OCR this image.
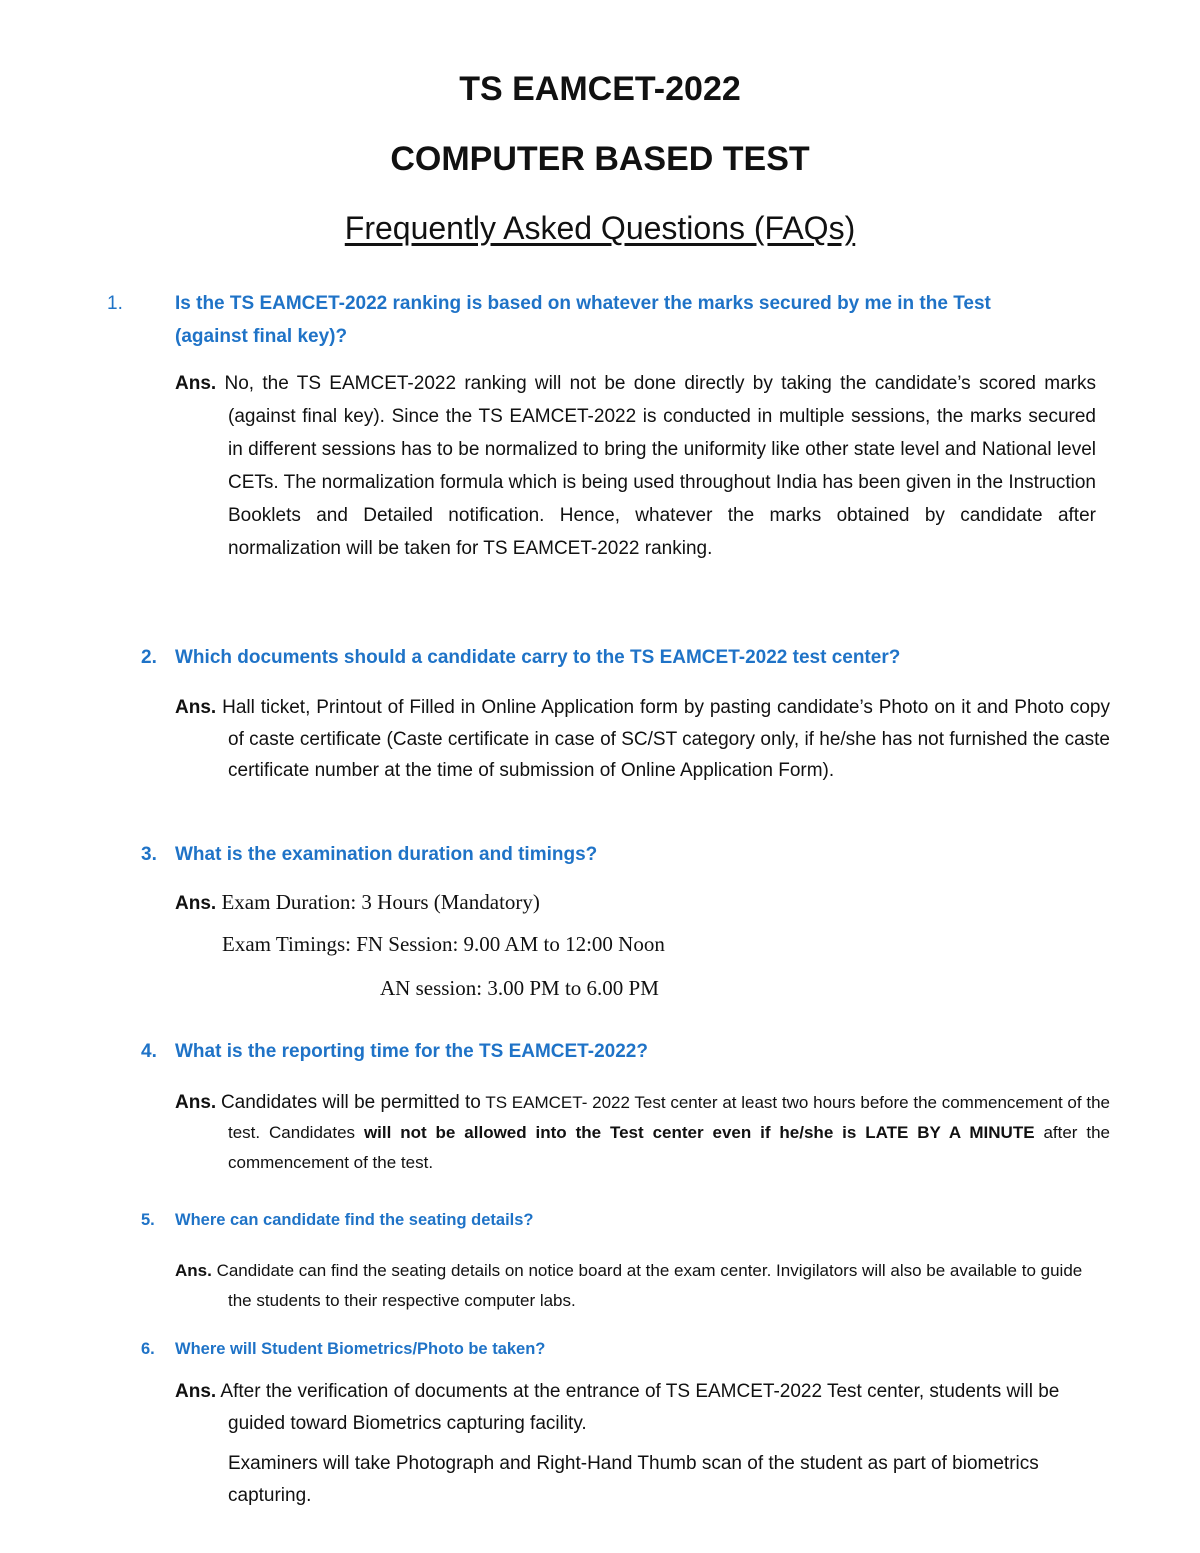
TS EAMCET-2022
COMPUTER BASED TEST
Frequently Asked Questions (FAQs)
1.	Is the TS EAMCET-2022 ranking is based on whatever the marks secured by me in the Test (against final key)?
Ans. No, the TS EAMCET-2022 ranking will not be done directly by taking the candidate’s scored marks (against final key). Since the TS EAMCET-2022 is conducted in multiple sessions, the marks secured in different sessions has to be normalized to bring the uniformity like other state level and National level CETs. The normalization formula which is being used throughout India has been given in the Instruction Booklets and Detailed notification. Hence, whatever the marks obtained by candidate after normalization will be taken for TS EAMCET-2022 ranking.
2. Which documents should a candidate carry to the TS EAMCET-2022 test center?
Ans. Hall ticket, Printout of Filled in Online Application form by pasting candidate’s Photo on it and Photo copy of caste certificate (Caste certificate in case of SC/ST category only, if he/she has not furnished the caste certificate number at the time of submission of Online Application Form).
3. What is the examination duration and timings?
Ans. Exam Duration: 3 Hours (Mandatory)
Exam Timings: FN Session: 9.00 AM to 12:00 Noon
AN session: 3.00 PM to 6.00 PM
4. What is the reporting time for the TS EAMCET-2022?
Ans. Candidates will be permitted to TS EAMCET- 2022 Test center at least two hours before the commencement of the test. Candidates will not be allowed into the Test center even if he/she is LATE BY A MINUTE after the commencement of the test.
5. Where can candidate find the seating details?
Ans. Candidate can find the seating details on notice board at the exam center. Invigilators will also be available to guide the students to their respective computer labs.
6. Where will Student Biometrics/Photo be taken?
Ans. After the verification of documents at the entrance of TS EAMCET-2022 Test center, students will be guided toward Biometrics capturing facility.
Examiners will take Photograph and Right-Hand Thumb scan of the student as part of biometrics capturing.
